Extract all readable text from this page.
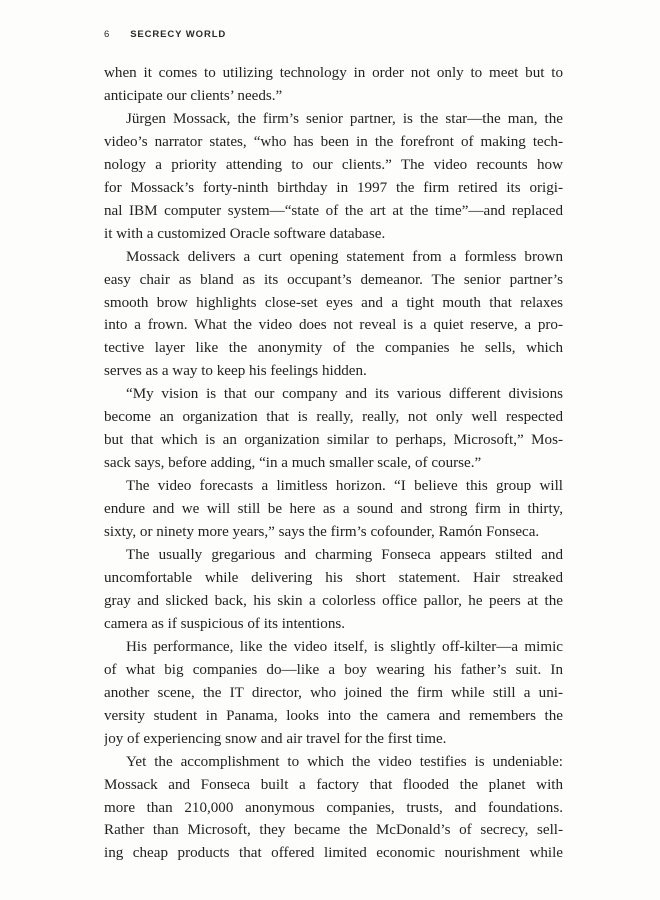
6 SECRECY WORLD

when it comes to utilizing technology in order not only to meet but to
anticipate our clients’ needs.”

Jürgen Mossack, the firm’s senior partner, is the star—the man, the
video’s narrator states, “who has been in the forefront of making tech-
nology a priority attending to our clients.” The video recounts how
for Mossack’s forty-ninth birthday in 1997 the firm retired its origi-
nal IBM computer system—“state of the art at the time”—and replaced
it with a customized Oracle software database.

Mossack delivers a curt opening statement from a formless brown
easy chair as bland as its occupant’s demeanor. The senior partner’s
smooth brow highlights close-set eyes and a tight mouth that relaxes
into a frown. What the video does not reveal is a quiet reserve, a pro-
tective layer like the anonymity of the companies he sells, which
serves as a way to keep his feelings hidden.

“My vision is that our company and its various different divisions
become an organization that is really, really, not only well respected
but that which is an organization similar to perhaps, Microsoft,” Mos-
sack says, before adding, “in a much smaller scale, of course.”

The video forecasts a limitless horizon. “I believe this group will
endure and we will still be here as a sound and strong firm in thirty,
sixty, or ninety more years,” says the firm’s cofounder, Ramón Fonseca.

The usually gregarious and charming Fonseca appears stilted and
uncomfortable while delivering his short statement. Hair streaked
gray and slicked back, his skin a colorless office pallor, he peers at the
camera as if suspicious of its intentions.

His performance, like the video itself, is slightly off-kilter—a mimic
of what big companies do—like a boy wearing his father’s suit. In
another scene, the IT director, who joined the firm while still a uni-
versity student in Panama, looks into the camera and remembers the
joy of experiencing snow and air travel for the first time.

Yet the accomplishment to which the video testifies is undeniable:
Mossack and Fonseca built a factory that flooded the planet with
more than 210,000 anonymous companies, trusts, and foundations.
Rather than Microsoft, they became the McDonald’s of secrecy, sell-
ing cheap products that offered limited economic nourishment while
